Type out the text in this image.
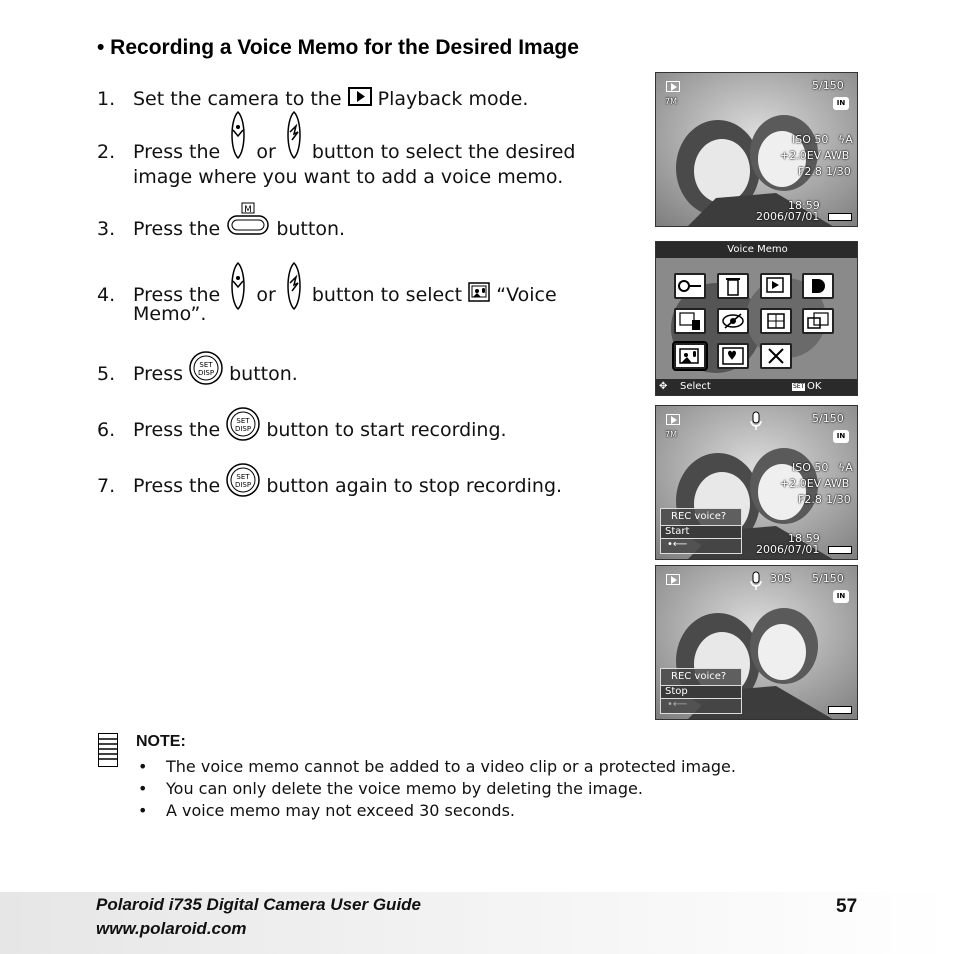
• Recording a Voice Memo for the Desired Image
1. Set the camera to the Playback mode.
2. Press the or button to select the desired
image where you want to add a voice memo.
3. Press the
M
button.
4. Press the or button to select “Voice
Memo”.
5. Press SET
DISP button.
6. Press the SET
DISP button to start recording.
7. Press the SET
DISP button again to stop recording.
5/150
IN
7M
ISO 50 ϟA
+2.0EV AWB
F2.8 1/30
18:59
2006/07/01
Voice Memo
✥ Select	SET OK
5/150
IN
7M
ISO 50 ϟA
+2.0EV AWB
F2.8 1/30
18:59
2006/07/01
REC voice?
Start
•⟵
30S 5/150
IN
REC voice?
Stop
•⟵
NOTE:
• The voice memo cannot be added to a video clip or a protected image.
• You can only delete the voice memo by deleting the image.
• A voice memo may not exceed 30 seconds.
Polaroid i735 Digital Camera User Guide
www.polaroid.com
57
